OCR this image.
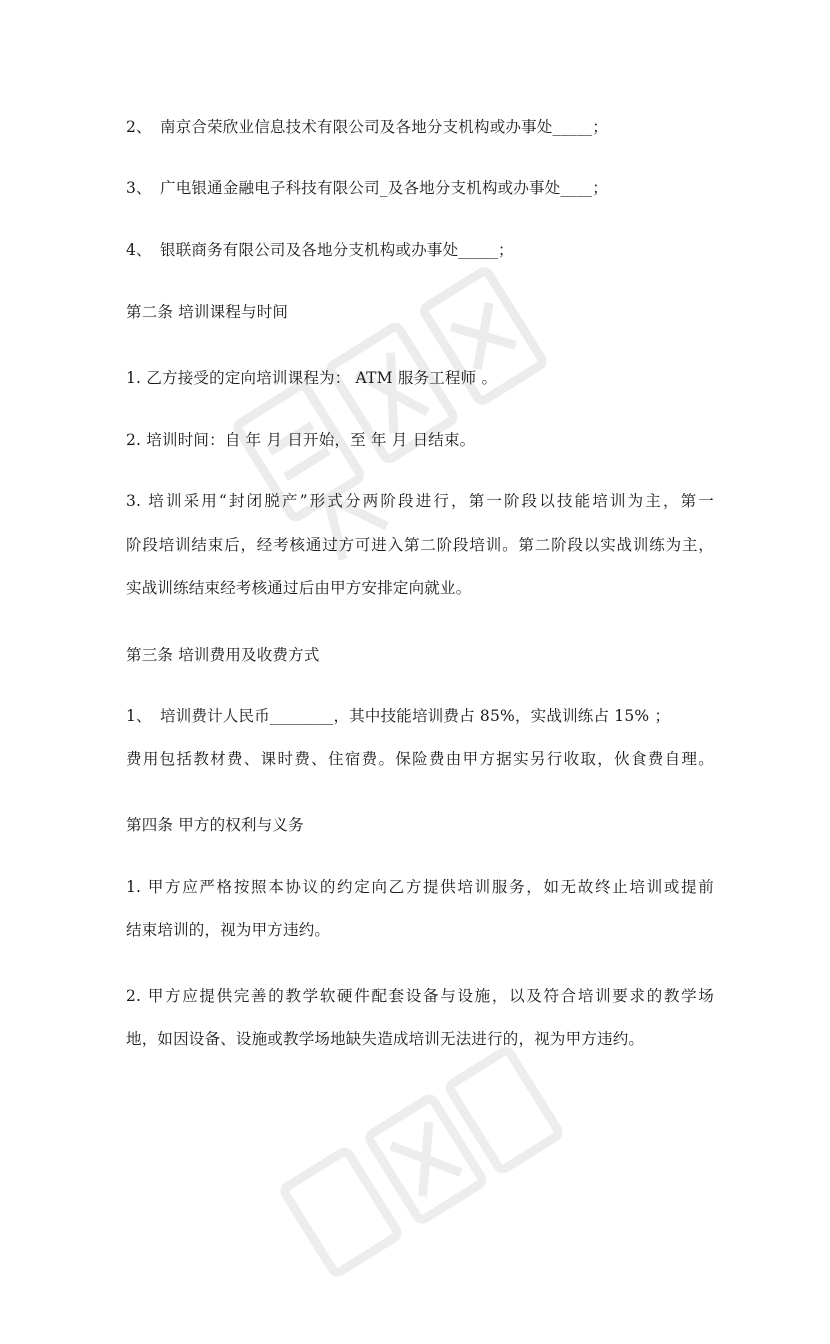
2、 南京合荣欣业信息技术有限公司及各地分支机构或办事处_____；
3、 广电银通金融电子科技有限公司_及各地分支机构或办事处____；
4、 银联商务有限公司及各地分支机构或办事处_____；
第二条 培训课程与时间
1. 乙方接受的定向培训课程为： ATM 服务工程师 。
2. 培训时间：自 年 月 日开始，至 年 月 日结束。
3. 培训采用“封闭脱产”形式分两阶段进行，第一阶段以技能培训为主，第一
阶段培训结束后，经考核通过方可进入第二阶段培训。第二阶段以实战训练为主，
实战训练结束经考核通过后由甲方安排定向就业。
第三条 培训费用及收费方式
1、 培训费计人民币________，其中技能培训费占 85%，实战训练占 15% ；
费用包括教材费、课时费、住宿费。保险费由甲方据实另行收取，伙食费自理。
第四条 甲方的权利与义务
1. 甲方应严格按照本协议的约定向乙方提供培训服务，如无故终止培训或提前
结束培训的，视为甲方违约。
2. 甲方应提供完善的教学软硬件配套设备与设施，以及符合培训要求的教学场
地，如因设备、设施或教学场地缺失造成培训无法进行的，视为甲方违约。
